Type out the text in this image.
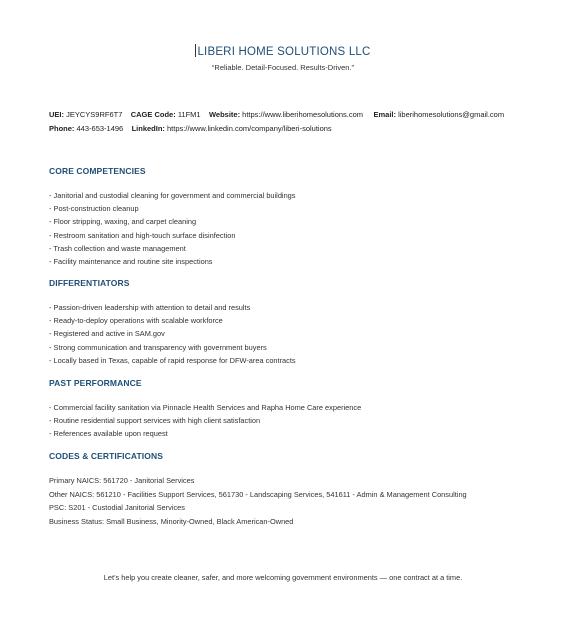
LIBERI HOME SOLUTIONS LLC
“Reliable. Detail-Focused. Results-Driven.”
UEI: JEYCYS9RF6T7 CAGE Code: 11FM1 Website: https://www.liberihomesolutions.com Email: liberihomesolutions@gmail.com    Phone: 443-653-1496 LinkedIn: https://www.linkedin.com/company/liberi-solutions
CORE COMPETENCIES
- Janitorial and custodial cleaning for government and commercial buildings
- Post-construction cleanup
- Floor stripping, waxing, and carpet cleaning
- Restroom sanitation and high-touch surface disinfection
- Trash collection and waste management
- Facility maintenance and routine site inspections
DIFFERENTIATORS
- Passion-driven leadership with attention to detail and results
- Ready-to-deploy operations with scalable workforce
- Registered and active in SAM.gov
- Strong communication and transparency with government buyers
- Locally based in Texas, capable of rapid response for DFW-area contracts
PAST PERFORMANCE
- Commercial facility sanitation via Pinnacle Health Services and Rapha Home Care experience
- Routine residential support services with high client satisfaction
- References available upon request
CODES & CERTIFICATIONS
Primary NAICS: 561720 - Janitorial Services
Other NAICS: 561210 - Facilities Support Services, 561730 - Landscaping Services, 541611 - Admin & Management Consulting
PSC: S201 - Custodial Janitorial Services
Business Status: Small Business, Minority-Owned, Black American-Owned
Let’s help you create cleaner, safer, and more welcoming government environments — one contract at a time.
